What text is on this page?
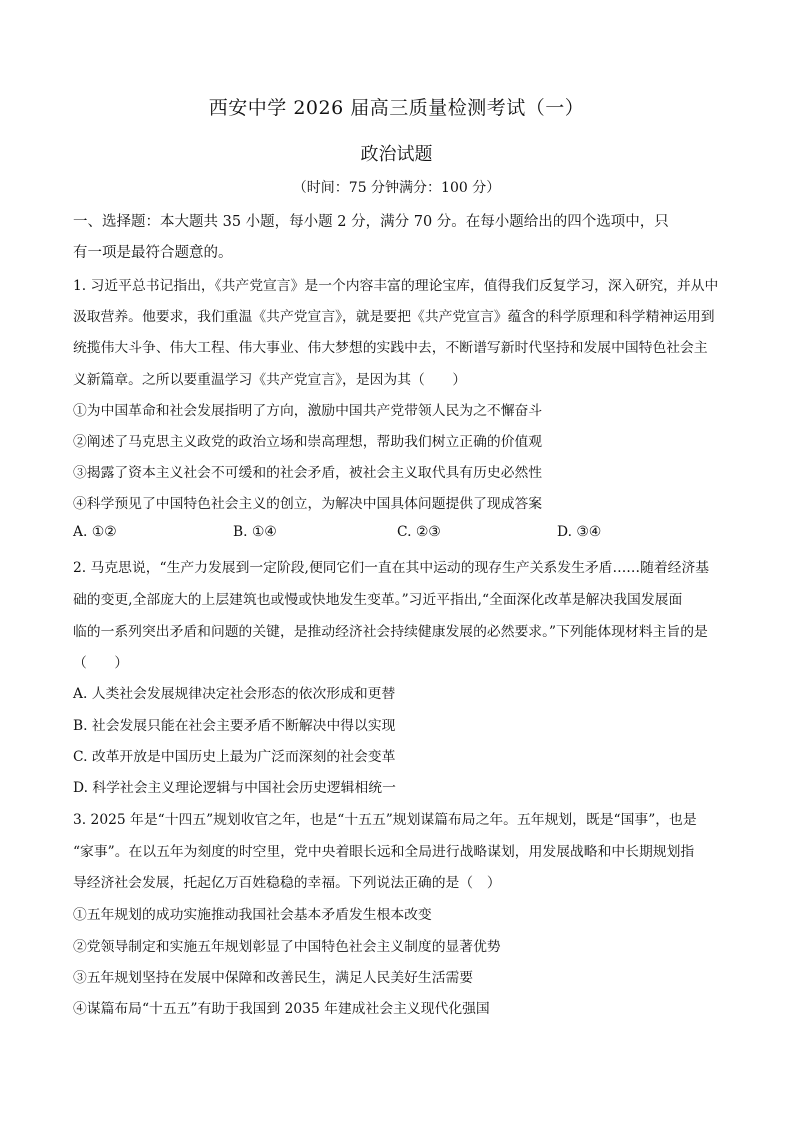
西安中学 2026 届高三质量检测考试（一）
政治试题
（时间：75 分钟满分：100 分）
一、选择题：本大题共 35 小题，每小题 2 分，满分 70 分。在每小题给出的四个选项中，只
有一项是最符合题意的。
1. 习近平总书记指出，《共产党宣言》是一个内容丰富的理论宝库，值得我们反复学习，深入研究，并从中
汲取营养。他要求，我们重温《共产党宣言》，就是要把《共产党宣言》蕴含的科学原理和科学精神运用到
统揽伟大斗争、伟大工程、伟大事业、伟大梦想的实践中去，不断谱写新时代坚持和发展中国特色社会主
义新篇章。之所以要重温学习《共产党宣言》，是因为其（　　）
①为中国革命和社会发展指明了方向，激励中国共产党带领人民为之不懈奋斗
②阐述了马克思主义政党的政治立场和崇高理想，帮助我们树立正确的价值观
③揭露了资本主义社会不可缓和的社会矛盾，被社会主义取代具有历史必然性
④科学预见了中国特色社会主义的创立，为解决中国具体问题提供了现成答案
A. ①②	B. ①④	C. ②③	D. ③④
2. 马克思说，“生产力发展到一定阶段,便同它们一直在其中运动的现存生产关系发生矛盾……随着经济基
础的变更,全部庞大的上层建筑也或慢或快地发生变革。”习近平指出,“全面深化改革是解决我国发展面
临的一系列突出矛盾和问题的关键，是推动经济社会持续健康发展的必然要求。”下列能体现材料主旨的是
（　　）
A. 人类社会发展规律决定社会形态的依次形成和更替
B. 社会发展只能在社会主要矛盾不断解决中得以实现
C. 改革开放是中国历史上最为广泛而深刻的社会变革
D. 科学社会主义理论逻辑与中国社会历史逻辑相统一
3. 2025 年是“十四五”规划收官之年，也是“十五五”规划谋篇布局之年。五年规划，既是“国事”，也是
“家事”。在以五年为刻度的时空里，党中央着眼长远和全局进行战略谋划，用发展战略和中长期规划指
导经济社会发展，托起亿万百姓稳稳的幸福。下列说法正确的是（　）
①五年规划的成功实施推动我国社会基本矛盾发生根本改变
②党领导制定和实施五年规划彰显了中国特色社会主义制度的显著优势
③五年规划坚持在发展中保障和改善民生，满足人民美好生活需要
④谋篇布局“十五五”有助于我国到 2035 年建成社会主义现代化强国
